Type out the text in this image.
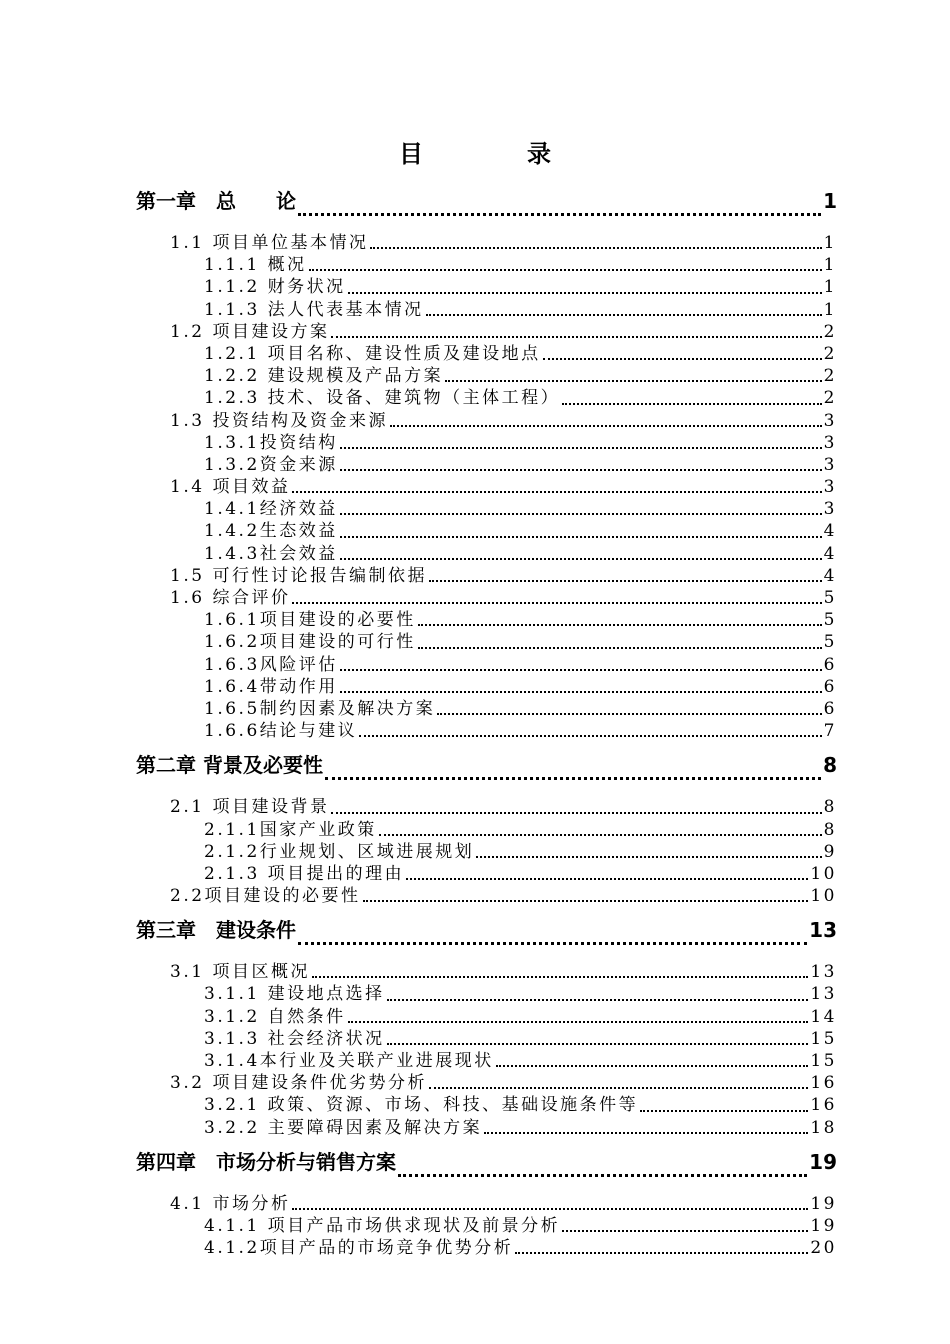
目　录
第一章　总　　论	1
1.1 项目单位基本情况	1
1.1.1 概况	1
1.1.2 财务状况	1
1.1.3 法人代表基本情况	1
1.2 项目建设方案	2
1.2.1 项目名称、建设性质及建设地点	2
1.2.2 建设规模及产品方案	2
1.2.3 技术、设备、建筑物（主体工程）	2
1.3 投资结构及资金来源	3
1.3.1投资结构	3
1.3.2资金来源	3
1.4 项目效益	3
1.4.1经济效益	3
1.4.2生态效益	4
1.4.3社会效益	4
1.5 可行性讨论报告编制依据	4
1.6 综合评价	5
1.6.1项目建设的必要性	5
1.6.2项目建设的可行性	5
1.6.3风险评估	6
1.6.4带动作用	6
1.6.5制约因素及解决方案	6
1.6.6结论与建议	7
第二章 背景及必要性	8
2.1 项目建设背景	8
2.1.1国家产业政策	8
2.1.2行业规划、区域进展规划	9
2.1.3 项目提出的理由	10
2.2项目建设的必要性	10
第三章　建设条件	13
3.1 项目区概况	13
3.1.1 建设地点选择	13
3.1.2 自然条件	14
3.1.3 社会经济状况	15
3.1.4本行业及关联产业进展现状	15
3.2 项目建设条件优劣势分析	16
3.2.1 政策、资源、市场、科技、基础设施条件等	16
3.2.2 主要障碍因素及解决方案	18
第四章　市场分析与销售方案	19
4.1 市场分析	19
4.1.1 项目产品市场供求现状及前景分析	19
4.1.2项目产品的市场竞争优势分析	20
